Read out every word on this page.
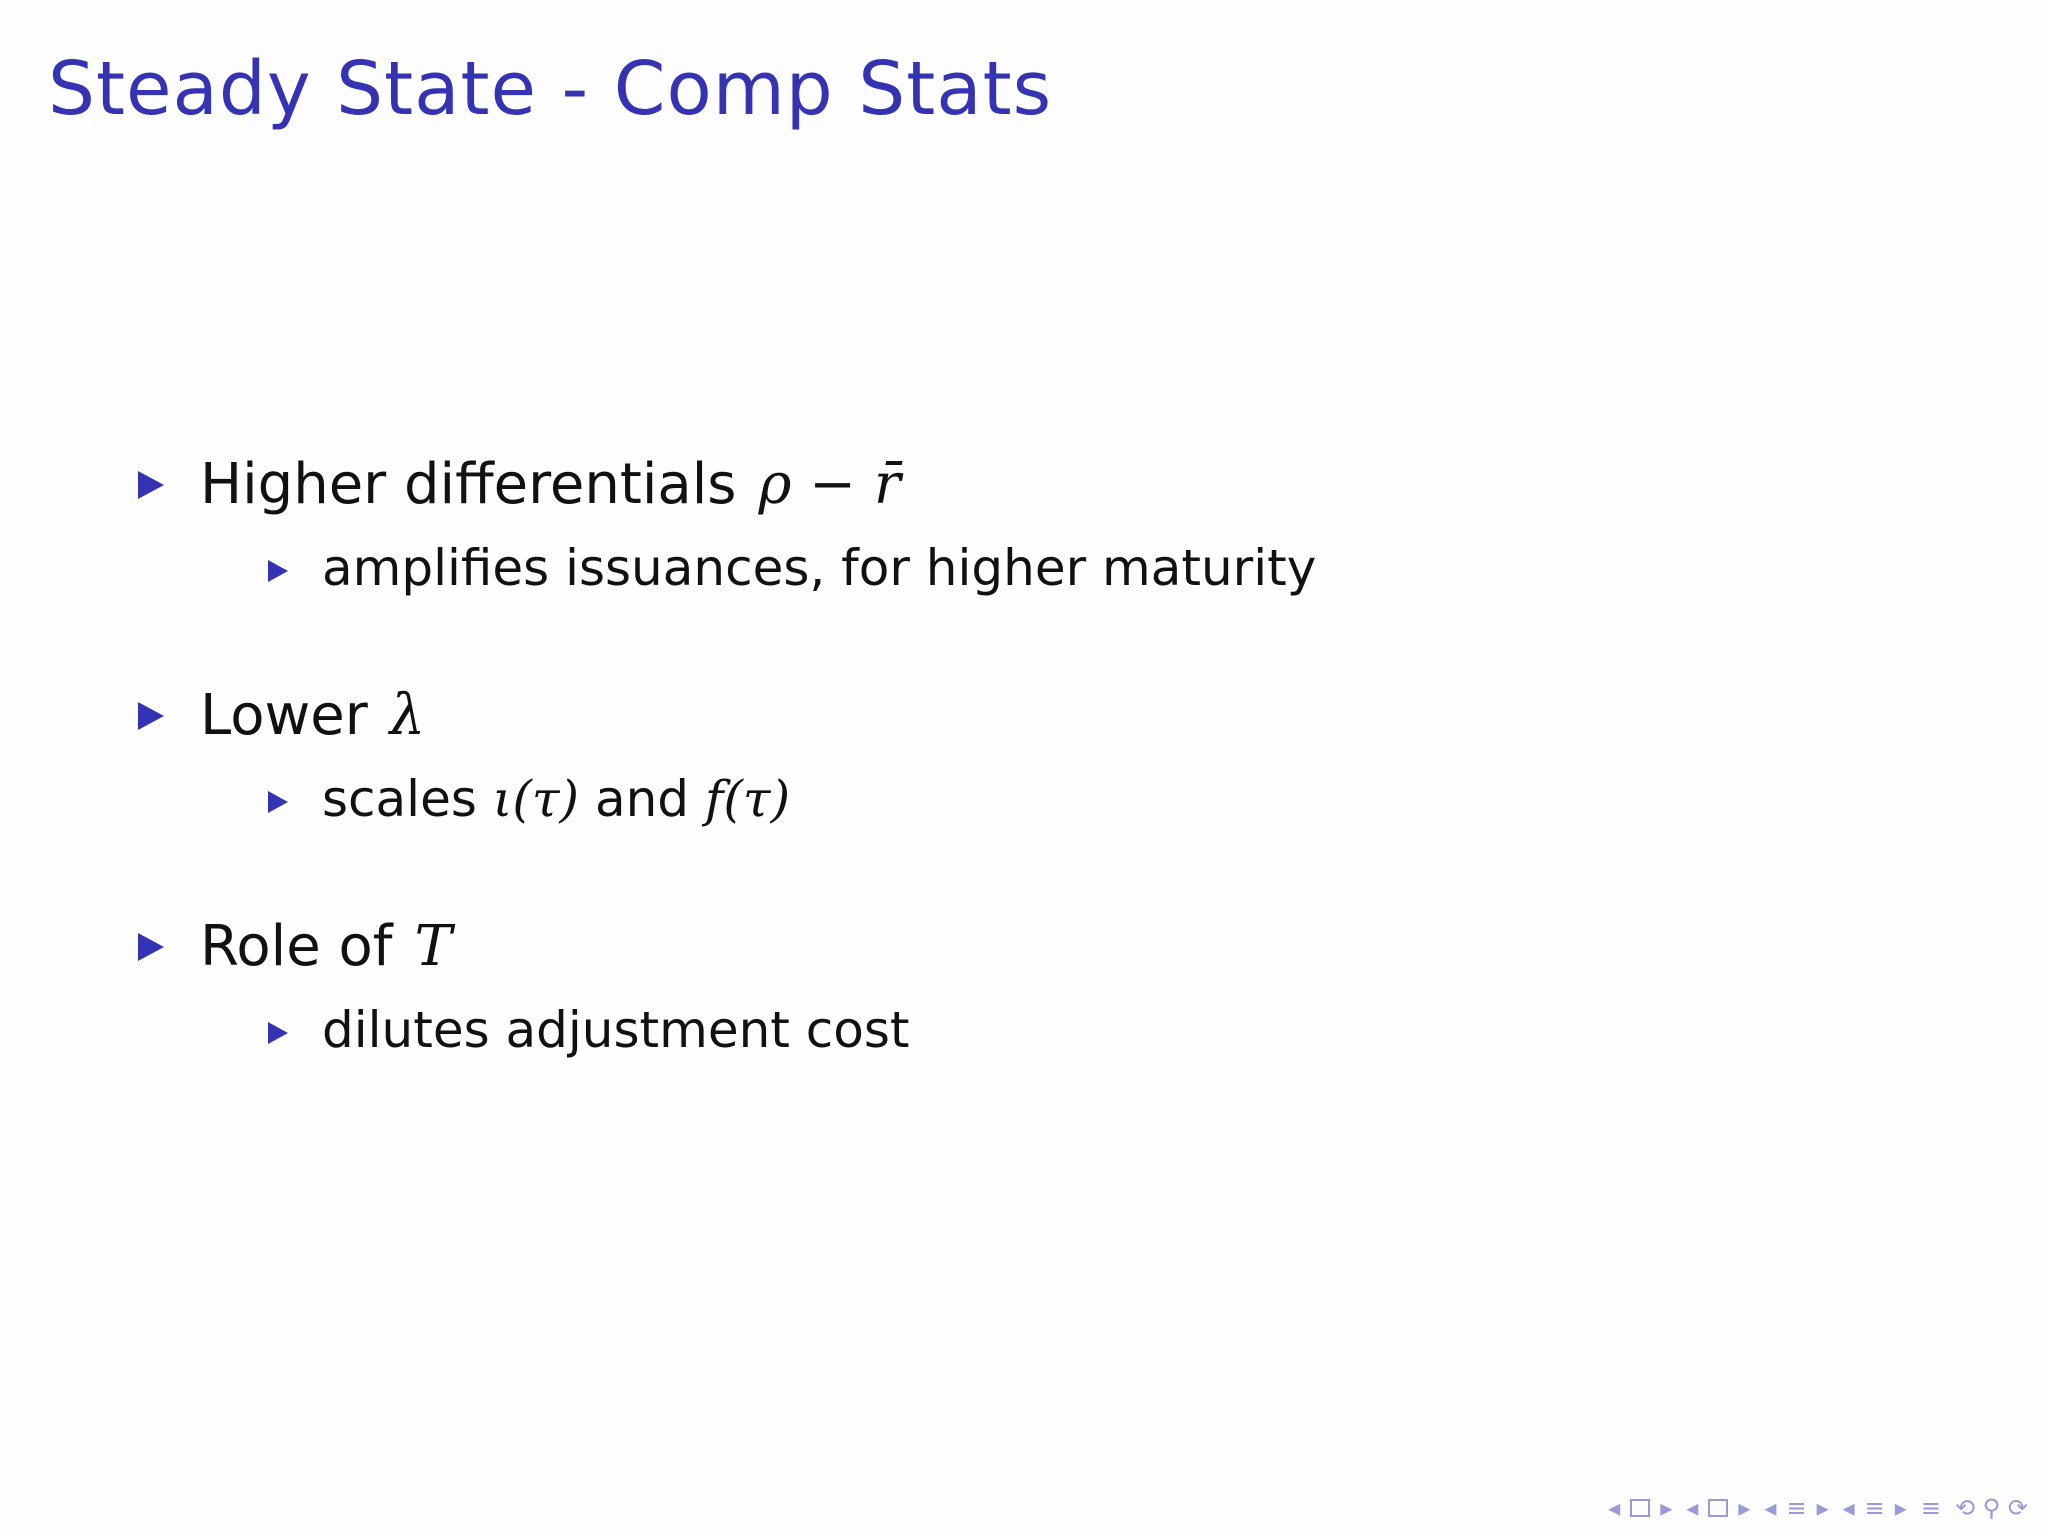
Steady State - Comp Stats
Higher differentials ρ − r̄
amplifies issuances, for higher maturity
Lower λ
scales ι(τ) and f(τ)
Role of T
dilutes adjustment cost
◂ ▸ ◂ ▸ ◂ ≡ ▸ ◂ ≡ ▸ ≡ ⟲ ⚲ ⟳
